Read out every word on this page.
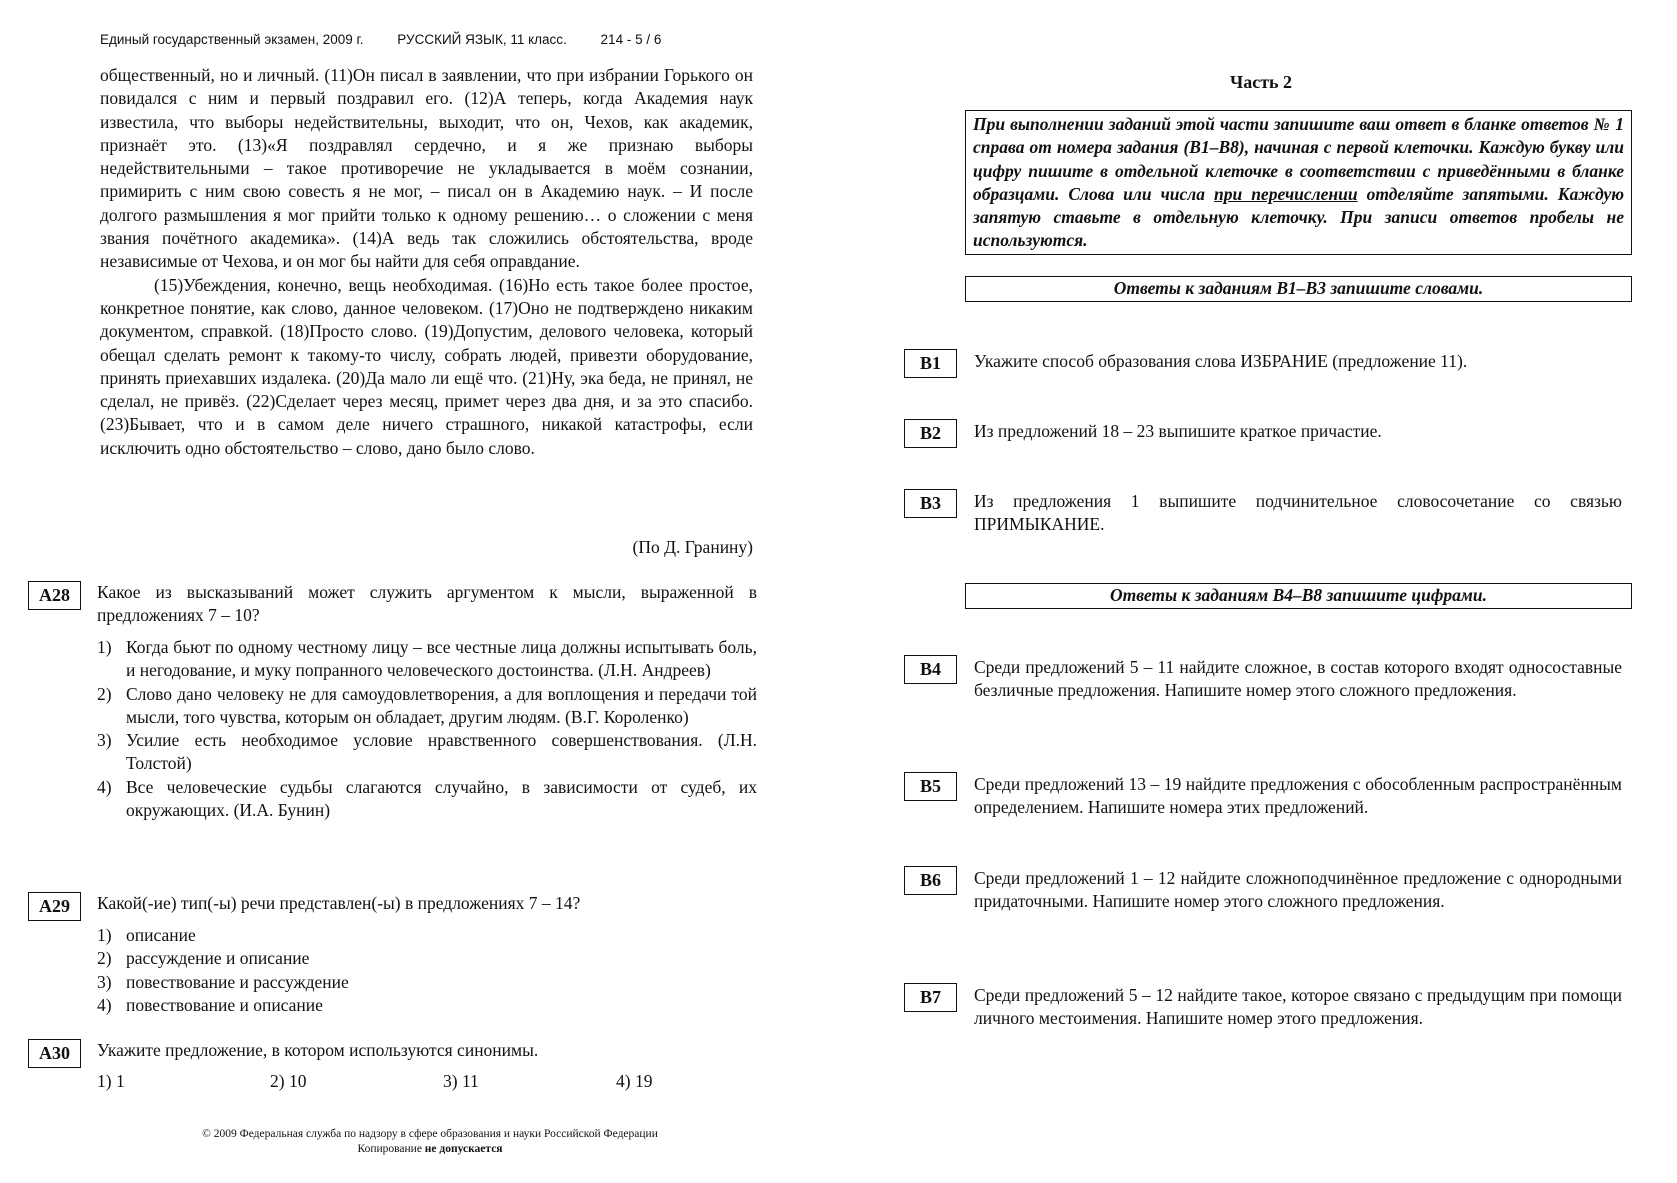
Единый государственный экзамен, 2009 г.	РУССКИЙ ЯЗЫК, 11 класс.	214 - 5 / 6

общественный, но и личный. (11)Он писал в заявлении, что при избрании Горького он повидался с ним и первый поздравил его. (12)А теперь, когда Академия наук известила, что выборы недействительны, выходит, что он, Чехов, как академик, признаёт это. (13)«Я поздравлял сердечно, и я же признаю выборы недействительными – такое противоречие не укладывается в моём сознании, примирить с ним свою совесть я не мог, – писал он в Академию наук. – И после долгого размышления я мог прийти только к одному решению… о сложении с меня звания почётного академика». (14)А ведь так сложились обстоятельства, вроде независимые от Чехова, и он мог бы найти для себя оправдание.

(15)Убеждения, конечно, вещь необходимая. (16)Но есть такое более простое, конкретное понятие, как слово, данное человеком. (17)Оно не подтверждено никаким документом, справкой. (18)Просто слово. (19)Допустим, делового человека, который обещал сделать ремонт к такому-то числу, собрать людей, привезти оборудование, принять приехавших издалека. (20)Да мало ли ещё что. (21)Ну, эка беда, не принял, не сделал, не привёз. (22)Сделает через месяц, примет через два дня, и за это спасибо. (23)Бывает, что и в самом деле ничего страшного, никакой катастрофы, если исключить одно обстоятельство – слово, дано было слово.

(По Д. Гранину)
А28	Какое из высказываний может служить аргументом к мысли, выраженной в предложениях 7 – 10?
1) Когда бьют по одному честному лицу – все честные лица должны испытывать боль, и негодование, и муку попранного человеческого достоинства. (Л.Н. Андреев)
2) Слово дано человеку не для самоудовлетворения, а для воплощения и передачи той мысли, того чувства, которым он обладает, другим людям. (В.Г. Короленко)
3) Усилие есть необходимое условие нравственного совершенствования. (Л.Н. Толстой)
4) Все человеческие судьбы слагаются случайно, в зависимости от судеб, их окружающих. (И.А. Бунин)
А29	Какой(-ие) тип(-ы) речи представлен(-ы) в предложениях 7 – 14?
1) описание
2) рассуждение и описание
3) повествование и рассуждение
4) повествование и описание
А30	Укажите предложение, в котором используются синонимы.
1) 1	2) 10	3) 11	4) 19
© 2009 Федеральная служба по надзору в сфере образования и науки Российской Федерации
Копирование не допускается
Часть 2
При выполнении заданий этой части запишите ваш ответ в бланке ответов № 1 справа от номера задания (В1–В8), начиная с первой клеточки. Каждую букву или цифру пишите в отдельной клеточке в соответствии с приведёнными в бланке образцами. Слова или числа при перечислении отделяйте запятыми. Каждую запятую ставьте в отдельную клеточку. При записи ответов пробелы не используются.
Ответы к заданиям В1–В3 запишите словами.
В1	Укажите способ образования слова ИЗБРАНИЕ (предложение 11).
В2	Из предложений 18 – 23 выпишите краткое причастие.
В3	Из предложения 1 выпишите подчинительное словосочетание со связью ПРИМЫКАНИЕ.
Ответы к заданиям В4–В8 запишите цифрами.
В4	Среди предложений 5 – 11 найдите сложное, в состав которого входят односоставные безличные предложения. Напишите номер этого сложного предложения.
В5	Среди предложений 13 – 19 найдите предложения с обособленным распространённым определением. Напишите номера этих предложений.
В6	Среди предложений 1 – 12 найдите сложноподчинённое предложение с однородными придаточными. Напишите номер этого сложного предложения.
В7	Среди предложений 5 – 12 найдите такое, которое связано с предыдущим при помощи личного местоимения. Напишите номер этого предложения.
